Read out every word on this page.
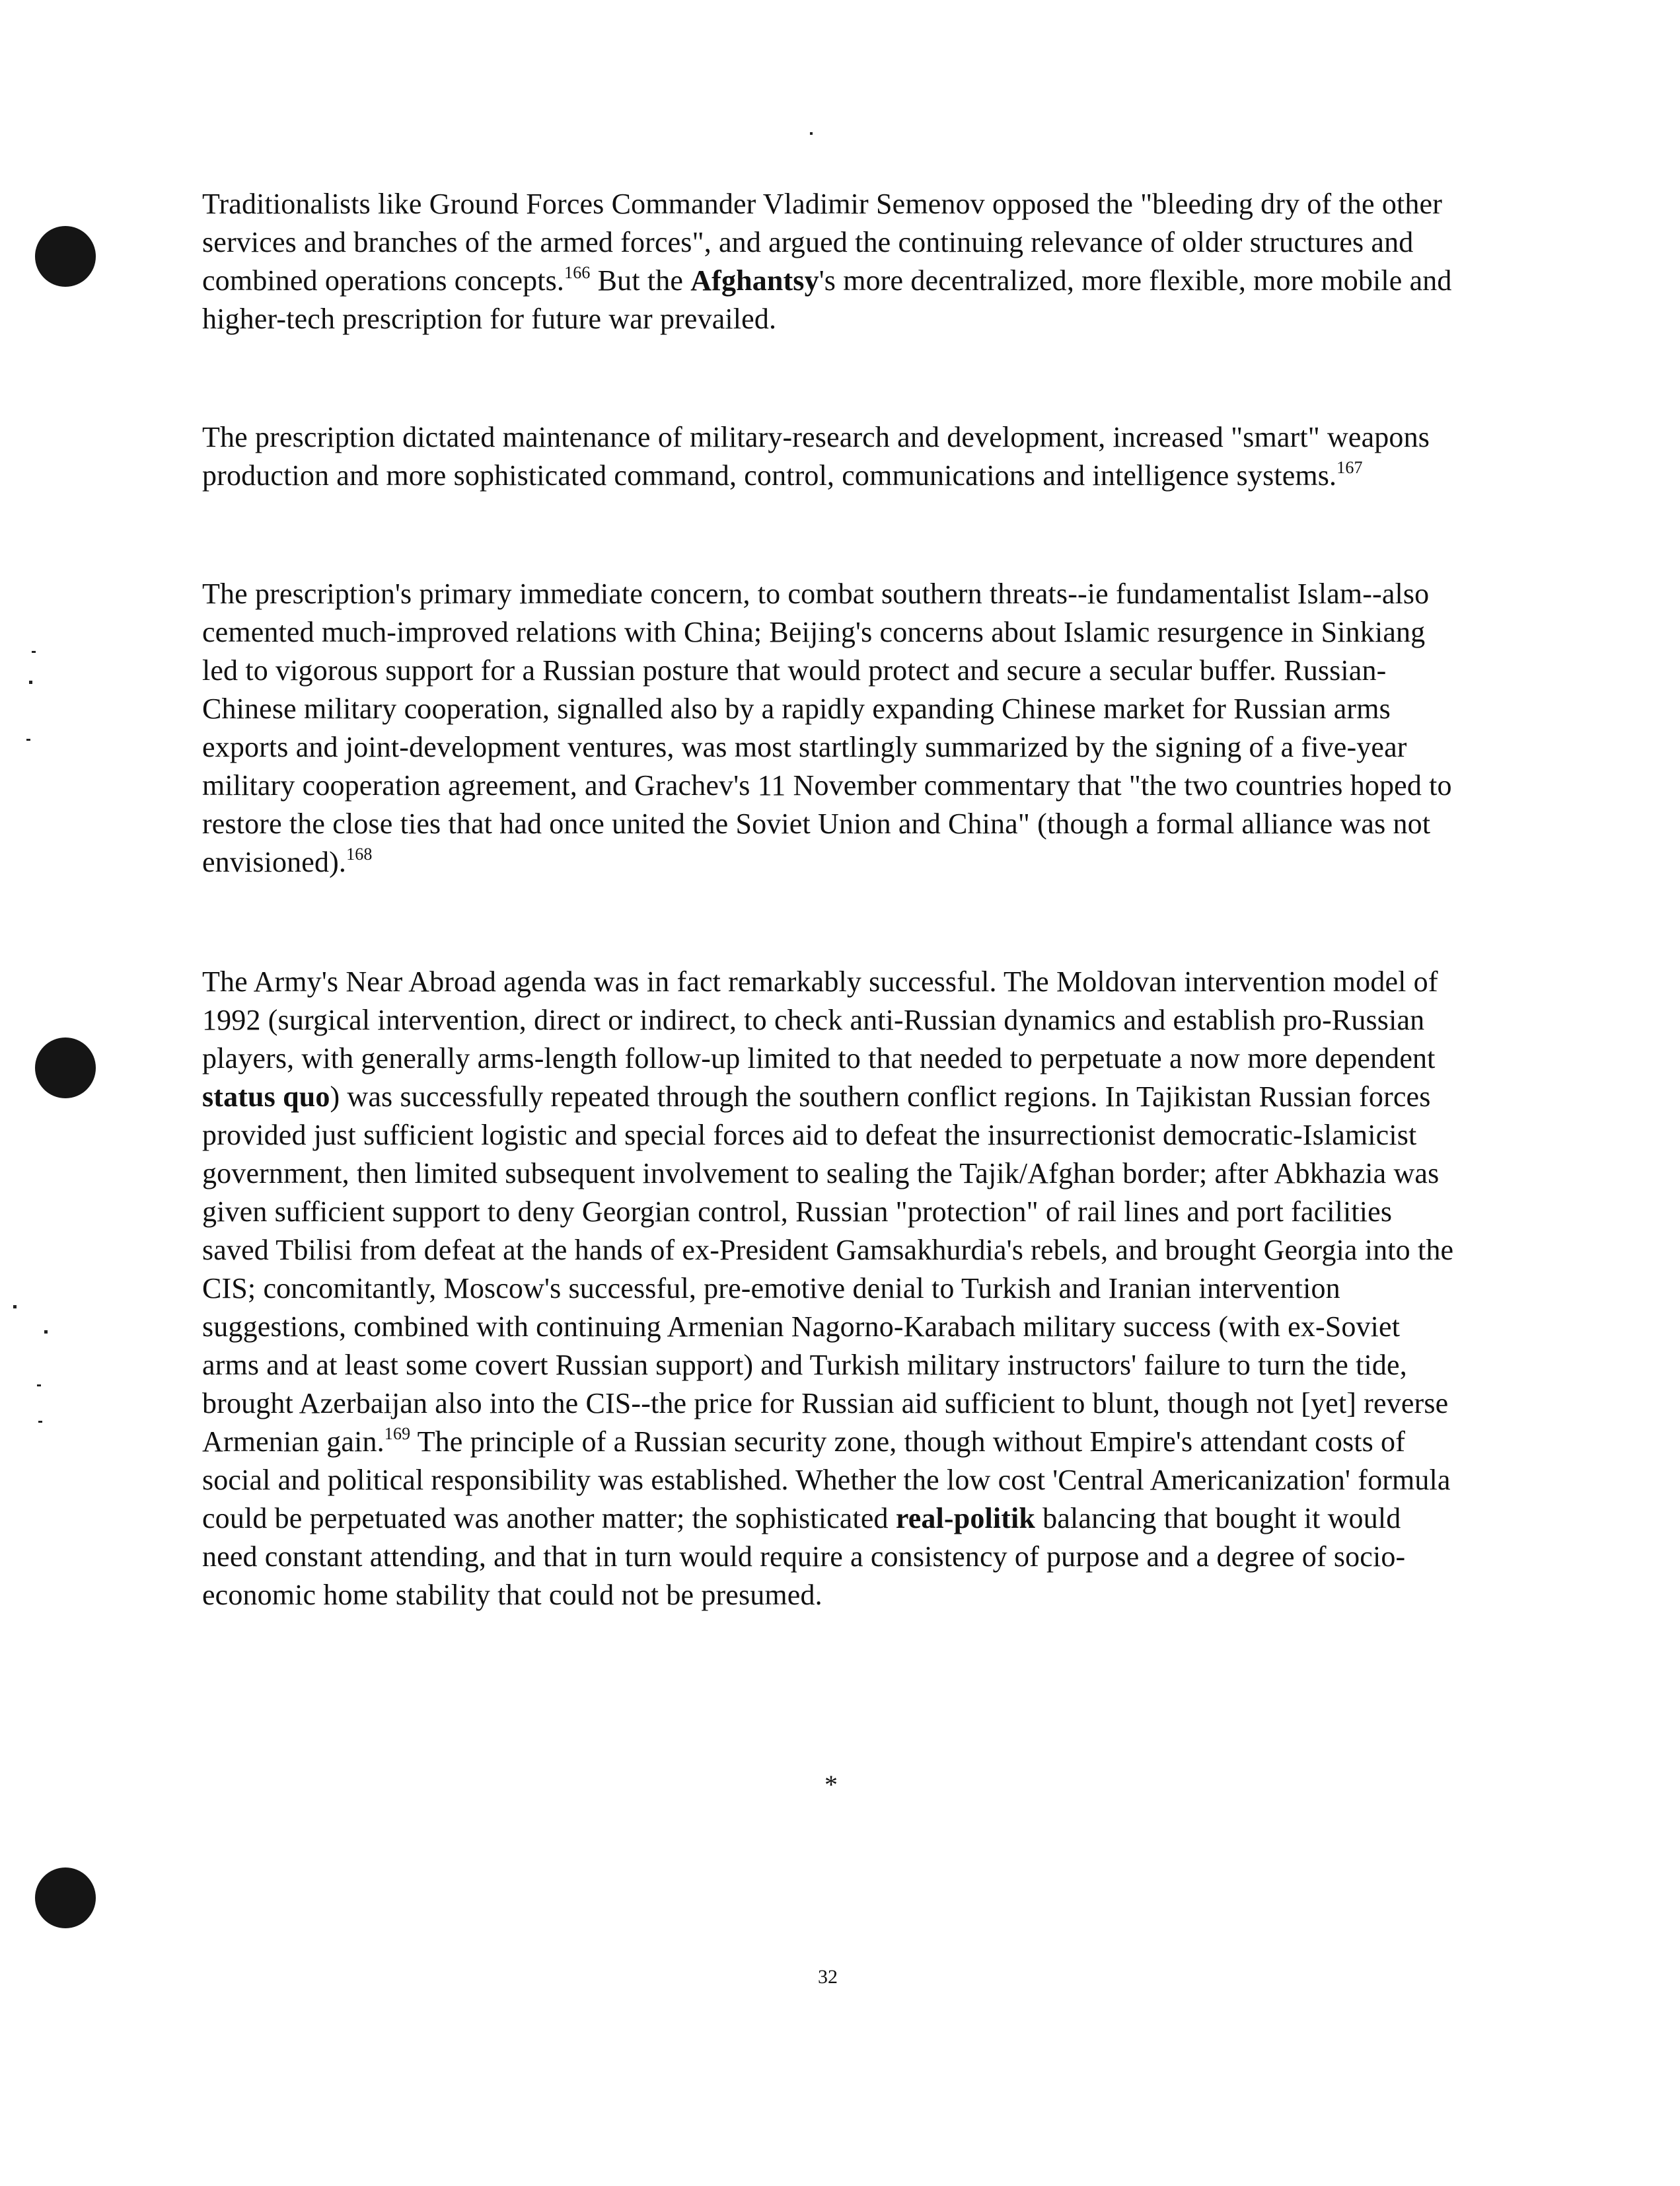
Traditionalists like Ground Forces Commander Vladimir Semenov opposed the "bleeding dry of the other services and branches of the armed forces", and argued the continuing relevance of older structures and combined operations concepts.$^{166}$ But the Afghantsy's more decentralized, more flexible, more mobile and higher-tech prescription for future war prevailed.

The prescription dictated maintenance of military-research and development, increased "smart" weapons production and more sophisticated command, control, communications and intelligence systems.$^{167}$

The prescription's primary immediate concern, to combat southern threats--ie fundamentalist Islam--also cemented much-improved relations with China; Beijing's concerns about Islamic resurgence in Sinkiang led to vigorous support for a Russian posture that would protect and secure a secular buffer. Russian-Chinese military cooperation, signalled also by a rapidly expanding Chinese market for Russian arms exports and joint-development ventures, was most startlingly summarized by the signing of a five-year military cooperation agreement, and Grachev's 11 November commentary that "the two countries hoped to restore the close ties that had once united the Soviet Union and China" (though a formal alliance was not envisioned).$^{168}$

The Army's Near Abroad agenda was in fact remarkably successful. The Moldovan intervention model of 1992 (surgical intervention, direct or indirect, to check anti-Russian dynamics and establish pro-Russian players, with generally arms-length follow-up limited to that needed to perpetuate a now more dependent status quo) was successfully repeated through the southern conflict regions. In Tajikistan Russian forces provided just sufficient logistic and special forces aid to defeat the insurrectionist democratic-Islamicist government, then limited subsequent involvement to sealing the Tajik/Afghan border; after Abkhazia was given sufficient support to deny Georgian control, Russian "protection" of rail lines and port facilities saved Tbilisi from defeat at the hands of ex-President Gamsakhurdia's rebels, and brought Georgia into the CIS; concomitantly, Moscow's successful, pre-emotive denial to Turkish and Iranian intervention suggestions, combined with continuing Armenian Nagorno-Karabach military success (with ex-Soviet arms and at least some covert Russian support) and Turkish military instructors' failure to turn the tide, brought Azerbaijan also into the CIS--the price for Russian aid sufficient to blunt, though not [yet] reverse Armenian gain.$^{169}$ The principle of a Russian security zone, though without Empire's attendant costs of social and political responsibility was established. Whether the low cost 'Central Americanization' formula could be perpetuated was another matter; the sophisticated real-politik balancing that bought it would need constant attending, and that in turn would require a consistency of purpose and a degree of socio-economic home stability that could not be presumed.

*
32
